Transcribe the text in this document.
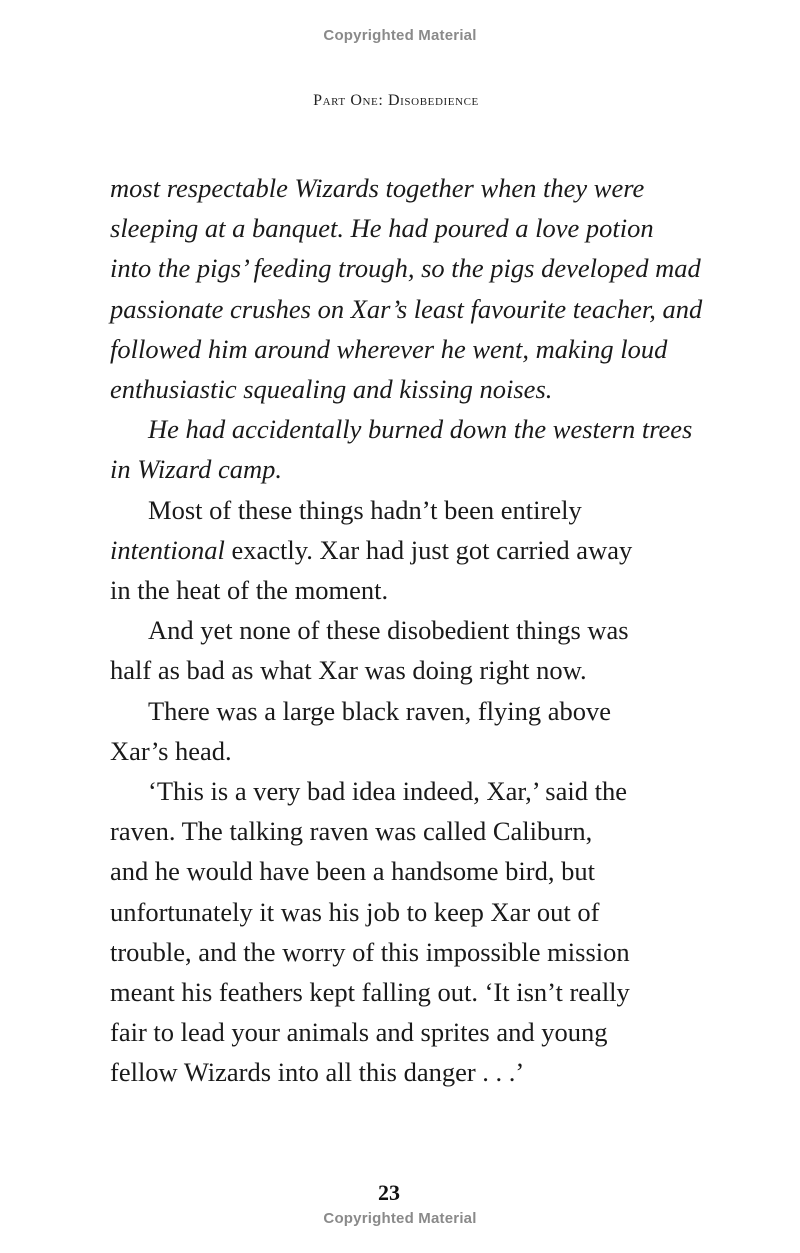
Copyrighted Material
Part One: Disobedience

most respectable Wizards together when they were

sleeping at a banquet. He had poured a love potion

into the pigs’ feeding trough, so the pigs developed mad

passionate crushes on Xar’s least favourite teacher, and

followed him around wherever he went, making loud

enthusiastic squealing and kissing noises.

He had accidentally burned down the western trees

in Wizard camp.

Most of these things hadn’t been entirely

intentional exactly. Xar had just got carried away

in the heat of the moment.

And yet none of these disobedient things was

half as bad as what Xar was doing right now.

There was a large black raven, flying above

Xar’s head.

‘This is a very bad idea indeed, Xar,’ said the

raven. The talking raven was called Caliburn,

and he would have been a handsome bird, but

unfortunately it was his job to keep Xar out of

trouble, and the worry of this impossible mission

meant his feathers kept falling out. ‘It isn’t really

fair to lead your animals and sprites and young

fellow Wizards into all this danger . . .’

23
Copyrighted Material
